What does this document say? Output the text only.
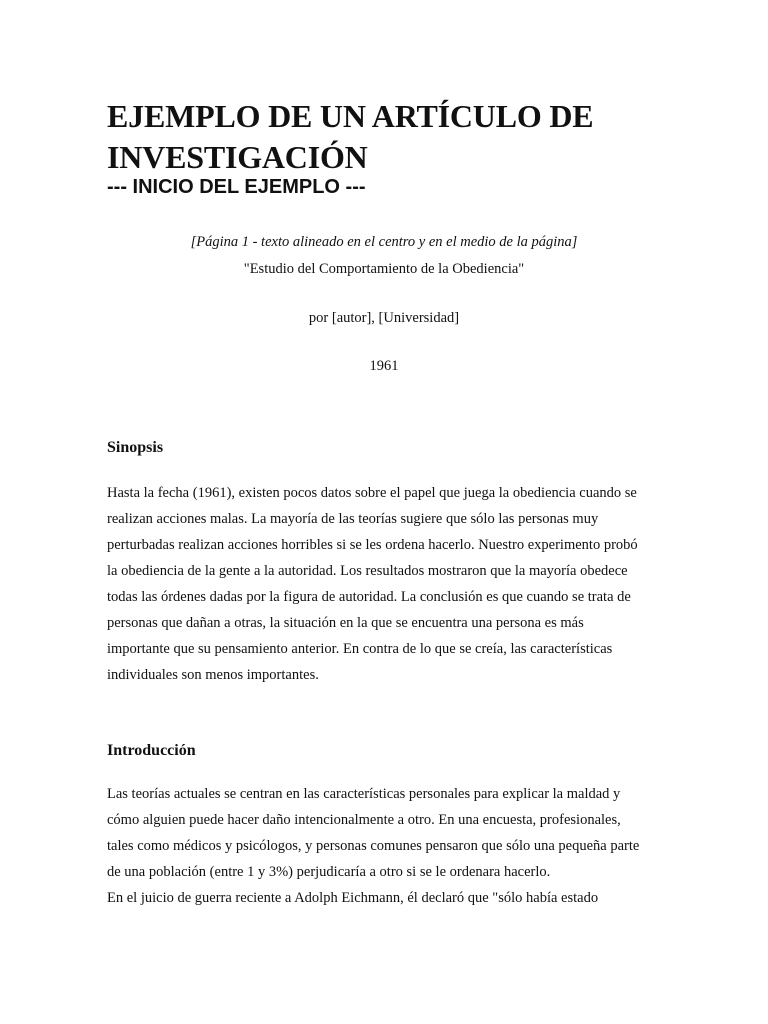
EJEMPLO DE UN ARTÍCULO DE
INVESTIGACIÓN
--- INICIO DEL EJEMPLO ---
[Página 1 - texto alineado en el centro y en el medio de la página]
"Estudio del Comportamiento de la Obediencia"
por [autor], [Universidad]
1961
Sinopsis
Hasta la fecha (1961), existen pocos datos sobre el papel que juega la obediencia cuando se
realizan acciones malas. La mayoría de las teorías sugiere que sólo las personas muy
perturbadas realizan acciones horribles si se les ordena hacerlo. Nuestro experimento probó
la obediencia de la gente a la autoridad. Los resultados mostraron que la mayoría obedece
todas las órdenes dadas por la figura de autoridad. La conclusión es que cuando se trata de
personas que dañan a otras, la situación en la que se encuentra una persona es más
importante que su pensamiento anterior. En contra de lo que se creía, las características
individuales son menos importantes.
Introducción
Las teorías actuales se centran en las características personales para explicar la maldad y
cómo alguien puede hacer daño intencionalmente a otro. En una encuesta, profesionales,
tales como médicos y psicólogos, y personas comunes pensaron que sólo una pequeña parte
de una población (entre 1 y 3%) perjudicaría a otro si se le ordenara hacerlo.
En el juicio de guerra reciente a Adolph Eichmann, él declaró que "sólo había estado
